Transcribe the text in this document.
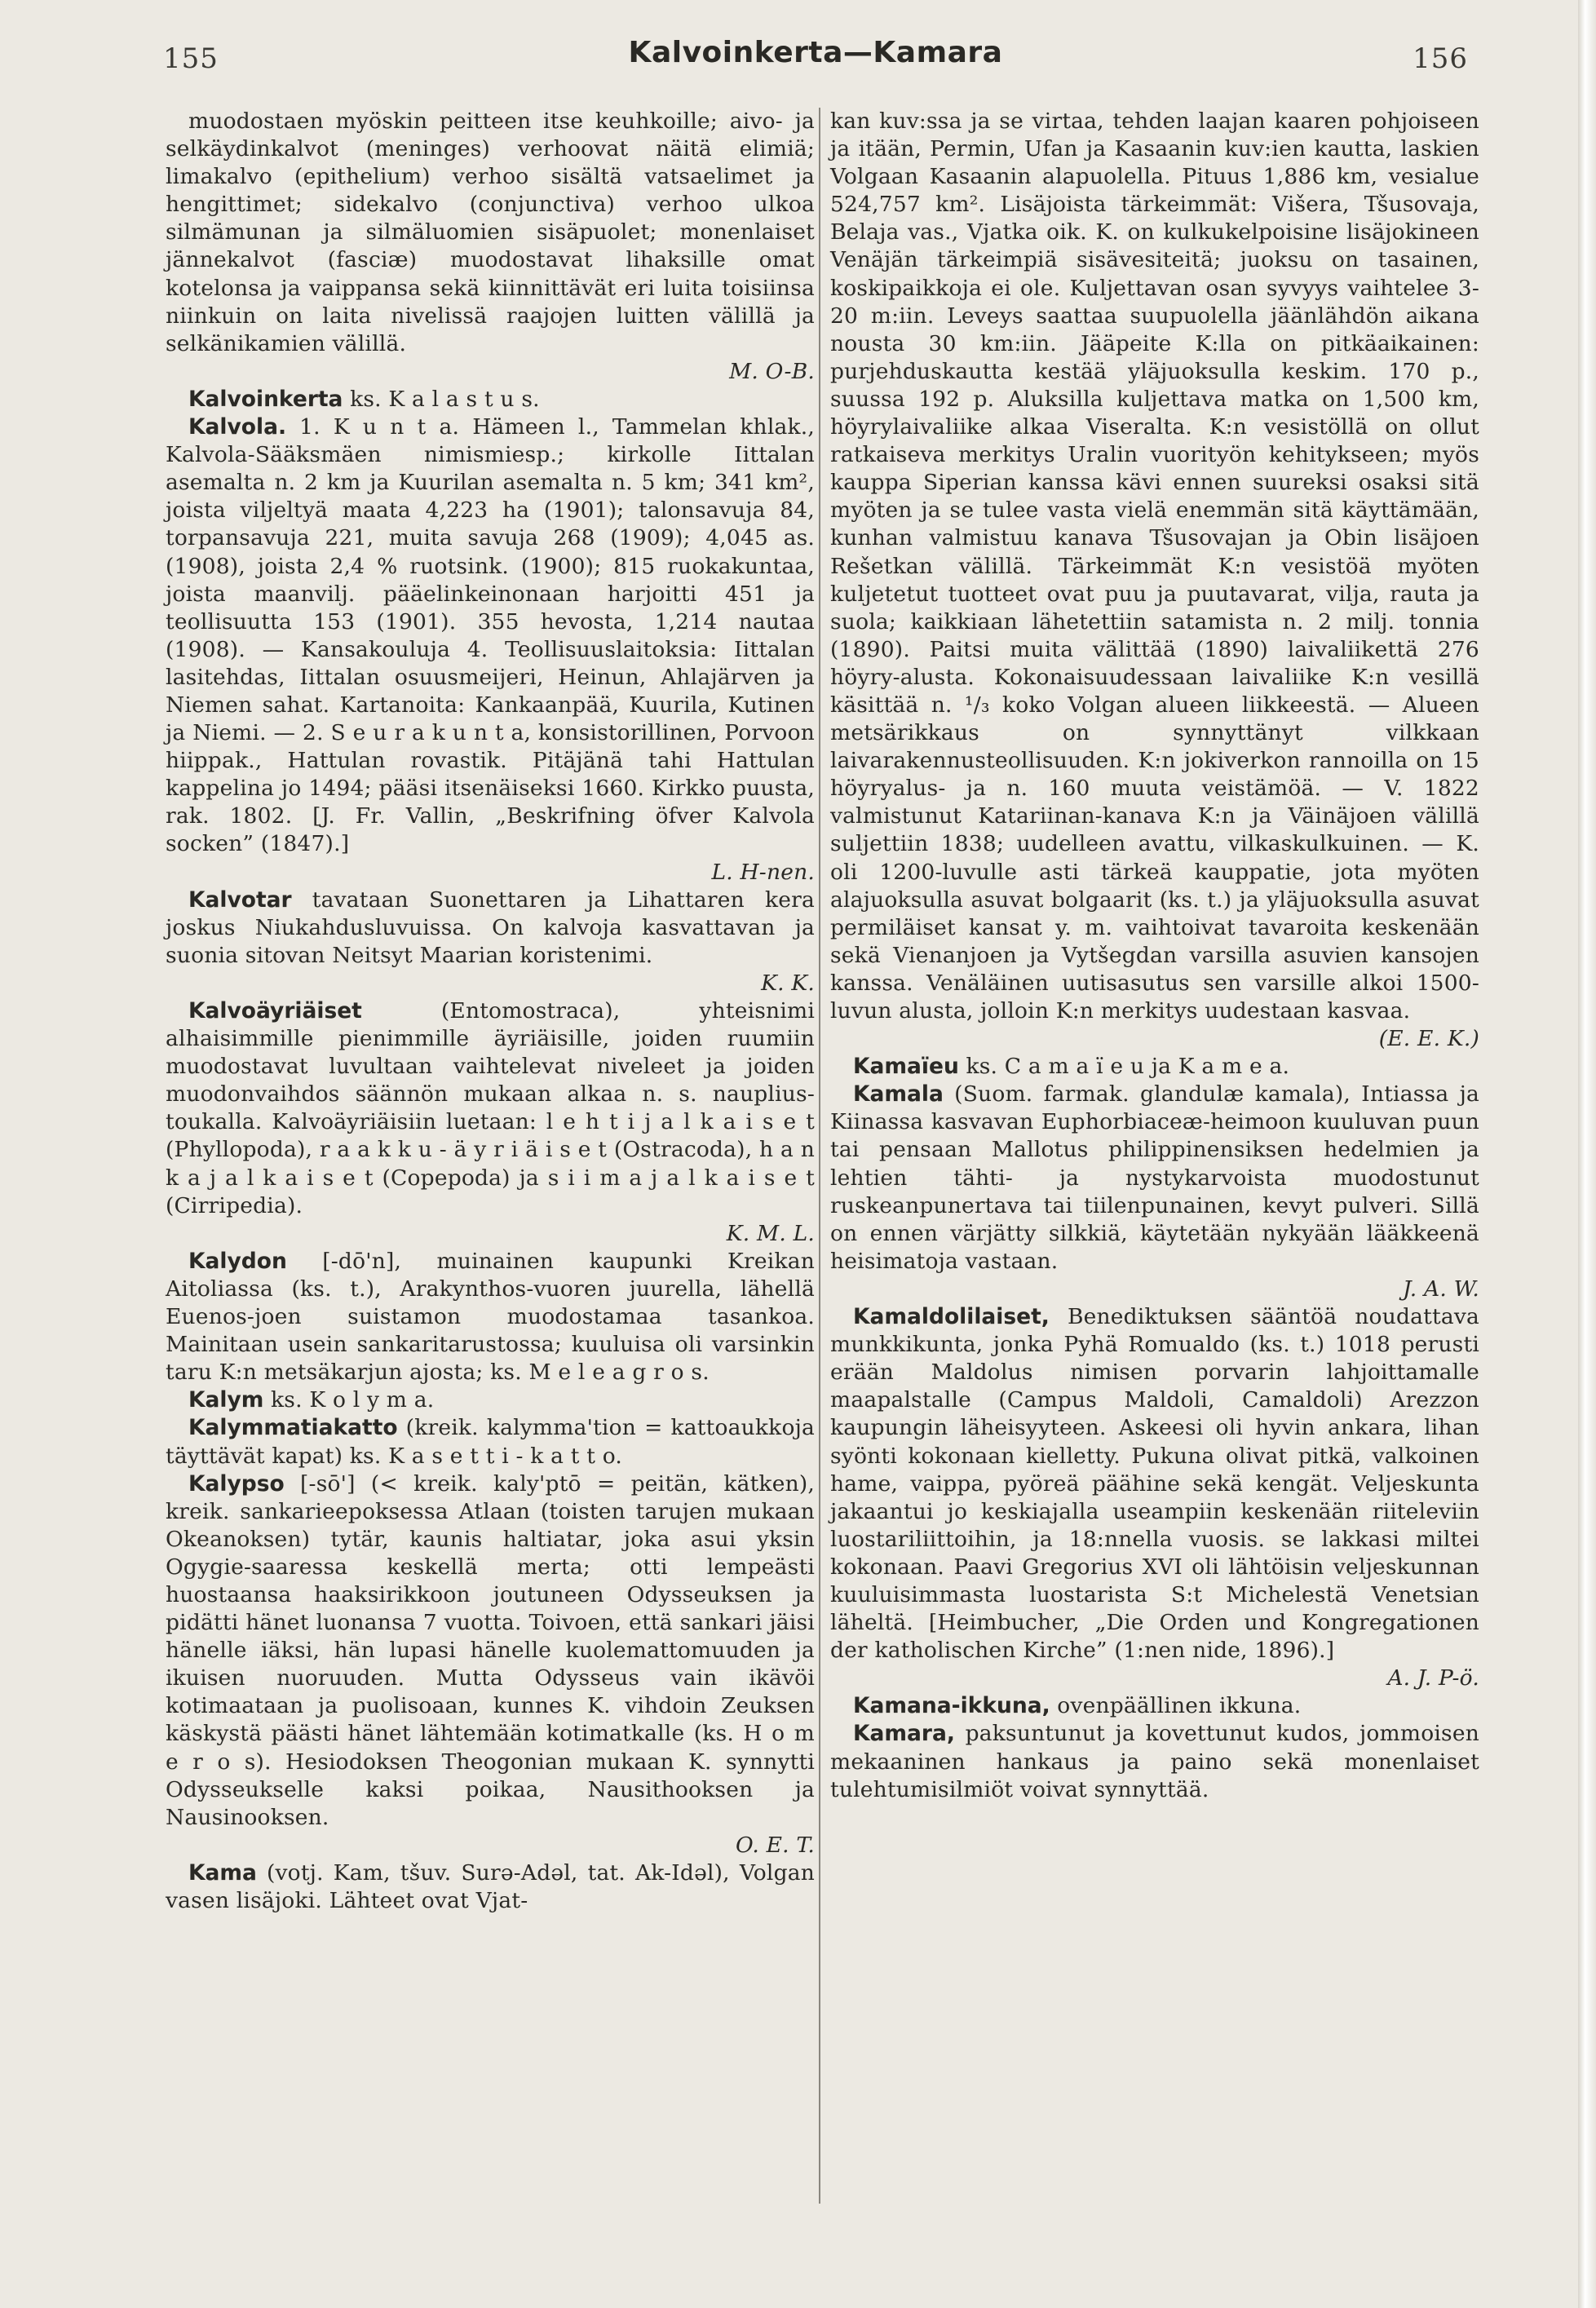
155	Kalvoinkerta—Kamara	156

muodostaen myöskin peitteen itse keuhkoille; aivo- ja selkäydinkalvot (meninges) verhoovat näitä elimiä; limakalvo (epithelium) verhoo sisältä vatsaelimet ja hengittimet; sidekalvo (conjunctiva) verhoo ulkoa silmämunan ja silmäluomien sisäpuolet; monenlaiset jännekalvot (fasciæ) muodostavat lihaksille omat kotelonsa ja vaippansa sekä kiinnittävät eri luita toisiinsa niinkuin on laita nivelissä raajojen luitten välillä ja selkänikamien välillä.
M. O-B.

Kalvoinkerta ks. K a l a s t u s.

Kalvola. 1. K u n t a. Hämeen l., Tammelan khlak., Kalvola-Sääksmäen nimismiesp.; kirkolle Iittalan asemalta n. 2 km ja Kuurilan asemalta n. 5 km; 341 km², joista viljeltyä maata 4,223 ha (1901); talonsavuja 84, torpansavuja 221, muita savuja 268 (1909); 4,045 as. (1908), joista 2,4 % ruotsink. (1900); 815 ruokakuntaa, joista maanvilj. pääelinkeinonaan harjoitti 451 ja teollisuutta 153 (1901). 355 hevosta, 1,214 nautaa (1908). — Kansakouluja 4. Teollisuuslaitoksia: Iittalan lasitehdas, Iittalan osuusmeijeri, Heinun, Ahlajärven ja Niemen sahat. Kartanoita: Kankaanpää, Kuurila, Kutinen ja Niemi. — 2. S e u r a k u n t a, konsistorillinen, Porvoon hiippak., Hattulan rovastik. Pitäjänä tahi Hattulan kappelina jo 1494; pääsi itsenäiseksi 1660. Kirkko puusta, rak. 1802. [J. Fr. Vallin, „Beskrifning öfver Kalvola socken” (1847).]
L. H-nen.

Kalvotar tavataan Suonettaren ja Lihattaren kera joskus Niukahdusluvuissa. On kalvoja kasvattavan ja suonia sitovan Neitsyt Maarian koristenimi.
K. K.

Kalvoäyriäiset	(Entomostraca), yhteisnimi alhaisimmille pienimmille äyriäisille, joiden ruumiin muodostavat luvultaan vaihtelevat niveleet ja joiden muodonvaihdos säännön mukaan alkaa n. s. nauplius-toukalla. Kalvoäyriäisiin luetaan: l e h t i j a l k a i s e t (Phyllopoda), r a a k k u - ä y r i ä i s e t (Ostracoda), h a n k a j a l k a i s e t (Copepoda) ja s i i m a j a l k a i s e t (Cirripedia).
K. M. L.

Kalydon [-dō'n], muinainen kaupunki Kreikan Aitoliassa (ks. t.), Arakynthos-vuoren juurella, lähellä Euenos-joen suistamon muodostamaa tasankoa. Mainitaan usein sankaritarustossa; kuuluisa oli varsinkin taru K:n metsäkarjun ajosta; ks. M e l e a g r o s.

Kalym ks. K o l y m a.

Kalymmatiakatto (kreik. kalymma'tion = kattoaukkoja täyttävät kapat) ks. K a s e t t i - k a t t o.

Kalypso [-sō'] (< kreik. kaly'ptō = peitän, kätken), kreik. sankarieepoksessa Atlaan (toisten tarujen mukaan Okeanoksen) tytär, kaunis haltiatar, joka asui yksin Ogygie-saaressa keskellä merta; otti lempeästi huostaansa haaksirikkoon joutuneen Odysseuksen ja pidätti hänet luonansa 7 vuotta. Toivoen, että sankari jäisi hänelle iäksi, hän lupasi hänelle kuolemattomuuden ja ikuisen nuoruuden. Mutta Odysseus vain ikävöi kotimaataan ja puolisoaan, kunnes K. vihdoin Zeuksen käskystä päästi hänet lähtemään kotimatkalle (ks. H o m e r o s). Hesiodoksen Theogonian mukaan K. synnytti Odysseukselle kaksi poikaa, Nausithooksen ja Nausinooksen.
O. E. T.

Kama (votj. Kam, tšuv. Surə-Adəl, tat. Ak-Idəl), Volgan vasen lisäjoki. Lähteet ovat Vjat-

kan kuv:ssa ja se virtaa, tehden laajan kaaren pohjoiseen ja itään, Permin, Ufan ja Kasaanin kuv:ien kautta, laskien Volgaan Kasaanin alapuolella. Pituus 1,886 km, vesialue 524,757 km². Lisäjoista tärkeimmät: Višera, Tšusovaja, Belaja vas., Vjatka oik. K. on kulkukelpoisine lisäjokineen Venäjän tärkeimpiä sisävesiteitä; juoksu on tasainen, koskipaikkoja ei ole. Kuljettavan osan syvyys vaihtelee 3-20 m:iin. Leveys saattaa suupuolella jäänlähdön aikana nousta 30 km:iin. Jääpeite K:lla on pitkäaikainen: purjehduskautta kestää yläjuoksulla keskim. 170 p., suussa 192 p. Aluksilla kuljettava matka on 1,500 km, höyrylaivaliike alkaa Viseralta. K:n vesistöllä on ollut ratkaiseva merkitys Uralin vuorityön kehitykseen; myös kauppa Siperian kanssa kävi ennen suureksi osaksi sitä myöten ja se tulee vasta vielä enemmän sitä käyttämään, kunhan valmistuu kanava Tšusovajan ja Obin lisäjoen Rešetkan välillä. Tärkeimmät K:n vesistöä myöten kuljetetut tuotteet ovat puu ja puutavarat, vilja, rauta ja suola; kaikkiaan lähetettiin satamista n. 2 milj. tonnia (1890). Paitsi muita välittää (1890) laivaliikettä 276 höyry-alusta. Kokonaisuudessaan laivaliike K:n vesillä käsittää n. ¹/₃ koko Volgan alueen liikkeestä. — Alueen metsärikkaus on synnyttänyt vilkkaan laivarakennusteollisuuden. K:n jokiverkon rannoilla on 15 höyryalus- ja n. 160 muuta veistämöä. — V. 1822 valmistunut Katariinan-kanava K:n ja Väinäjoen välillä suljettiin 1838; uudelleen avattu, vilkaskulkuinen. — K. oli 1200-luvulle asti tärkeä kauppatie, jota myöten alajuoksulla asuvat bolgaarit (ks. t.) ja yläjuoksulla asuvat permiläiset kansat y. m. vaihtoivat tavaroita keskenään sekä Vienanjoen ja Vytšegdan varsilla asuvien kansojen kanssa. Venäläinen uutisasutus sen varsille alkoi 1500-luvun alusta, jolloin K:n merkitys uudestaan kasvaa.
(E. E. K.)

Kamaïeu ks. C a m a ï e u ja K a m e a.

Kamala (Suom. farmak. glandulæ kamala), Intiassa ja Kiinassa kasvavan Euphorbiaceæ-heimoon kuuluvan puun tai pensaan Mallotus philippinensiksen hedelmien ja lehtien tähti- ja nystykarvoista muodostunut ruskeanpunertava tai tiilenpunainen, kevyt pulveri. Sillä on ennen värjätty silkkiä, käytetään nykyään lääkkeenä heisimatoja vastaan.
J. A. W.

Kamaldolilaiset, Benediktuksen sääntöä noudattava munkkikunta, jonka Pyhä Romualdo (ks. t.) 1018 perusti erään Maldolus nimisen porvarin lahjoittamalle maapalstalle (Campus Maldoli, Camaldoli) Arezzon kaupungin läheisyyteen. Askeesi oli hyvin ankara, lihan syönti kokonaan kielletty. Pukuna olivat pitkä, valkoinen hame, vaippa, pyöreä päähine sekä kengät. Veljeskunta jakaantui jo keskiajalla useampiin keskenään riiteleviin luostariliittoihin, ja 18:nnella vuosis. se lakkasi miltei kokonaan. Paavi Gregorius XVI oli lähtöisin veljeskunnan kuuluisimmasta luostarista S:t Michelestä Venetsian läheltä. [Heimbucher, „Die Orden und Kongregationen der katholischen Kirche” (1:nen nide, 1896).]
A. J. P-ö.

Kamana-ikkuna, ovenpäällinen ikkuna.

Kamara, paksuntunut ja kovettunut kudos, jommoisen mekaaninen hankaus ja paino sekä monenlaiset tulehtumisilmiöt voivat synnyttää.
